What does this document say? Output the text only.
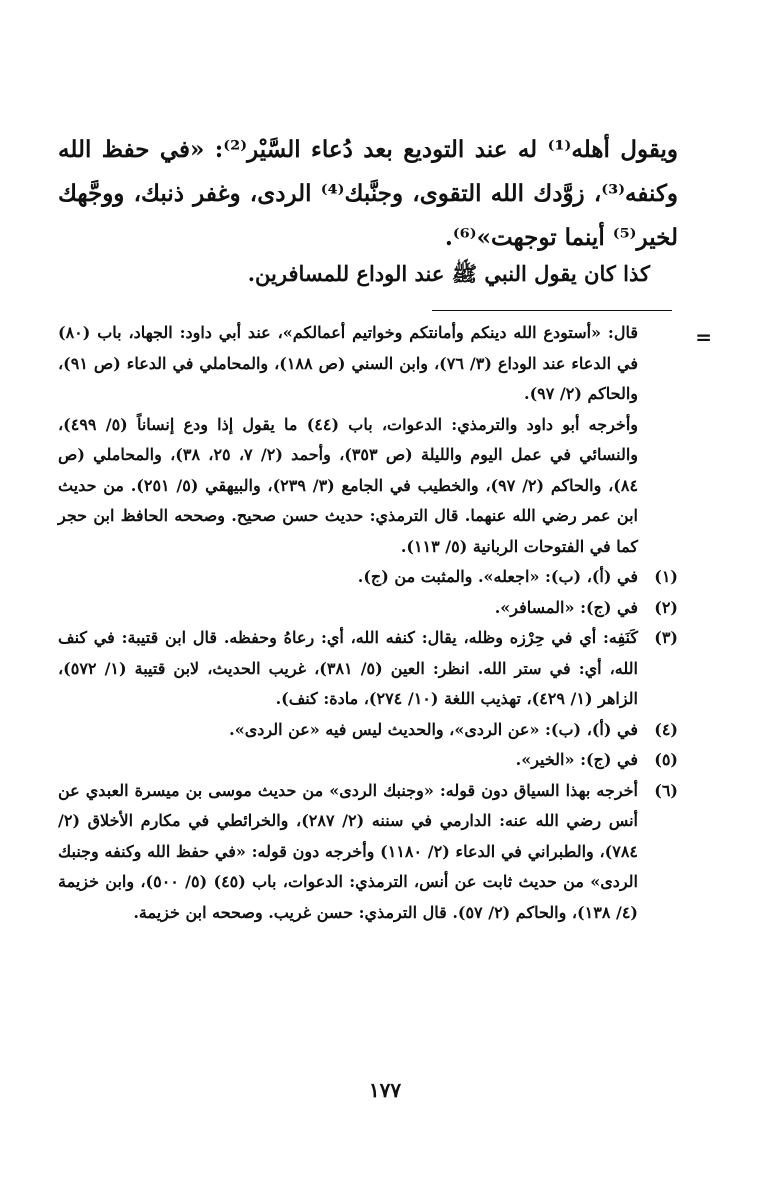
ويقول أهله⁽¹⁾ له عند التوديع بعد دُعاء السَّيْر⁽²⁾: «في حفظ الله وكنفه⁽³⁾، زوَّدك الله التقوى، وجنَّبك⁽⁴⁾ الردى، وغفر ذنبك، ووجَّهك لخير⁽⁵⁾ أينما توجهت»⁽⁶⁾.

كذا كان يقول النبي ﷺ عند الوداع للمسافرين.
=

قال: «أستودع الله دينكم وأمانتكم وخواتيم أعمالكم»، عند أبي داود: الجهاد، باب (٨٠) في الدعاء عند الوداع (٣/ ٧٦)، وابن السني (ص ١٨٨)، والمحاملي في الدعاء (ص ٩١)، والحاكم (٢/ ٩٧).

وأخرجه أبو داود والترمذي: الدعوات، باب (٤٤) ما يقول إذا ودع إنساناً (٥/ ٤٩٩)، والنسائي في عمل اليوم والليلة (ص ٣٥٣)، وأحمد (٢/ ٧، ٢٥، ٣٨)، والمحاملي (ص ٨٤)، والحاكم (٢/ ٩٧)، والخطيب في الجامع (٣/ ٢٣٩)، والبيهقي (٥/ ٢٥١). من حديث ابن عمر رضي الله عنهما. قال الترمذي: حديث حسن صحيح. وصححه الحافظ ابن حجر كما في الفتوحات الربانية (٥/ ١١٣).

(١)
في (أ)، (ب): «اجعله». والمثبت من (ج).
(٢)
في (ج): «المسافر».
(٣)
كَنَفِه: أي في حِرْزه وظله، يقال: كنفه الله، أي: رعاهُ وحفظه. قال ابن قتيبة: في كنف الله، أي: في ستر الله. انظر: العين (٥/ ٣٨١)، غريب الحديث، لابن قتيبة (١/ ٥٧٢)، الزاهر (١/ ٤٢٩)، تهذيب اللغة (١٠/ ٢٧٤)، مادة: كنف).
(٤)
في (أ)، (ب): «عن الردى»، والحديث ليس فيه «عن الردى».
(٥)
في (ج): «الخير».
(٦)
أخرجه بهذا السياق دون قوله: «وجنبك الردى» من حديث موسى بن ميسرة العبدي عن أنس رضي الله عنه: الدارمي في سننه (٢/ ٢٨٧)، والخرائطي في مكارم الأخلاق (٢/ ٧٨٤)، والطبراني في الدعاء (٢/ ١١٨٠) وأخرجه دون قوله: «في حفظ الله وكنفه وجنبك الردى» من حديث ثابت عن أنس، الترمذي: الدعوات، باب (٤٥) (٥/ ٥٠٠)، وابن خزيمة (٤/ ١٣٨)، والحاكم (٢/ ٥٧). قال الترمذي: حسن غريب. وصححه ابن خزيمة.
١٧٧
